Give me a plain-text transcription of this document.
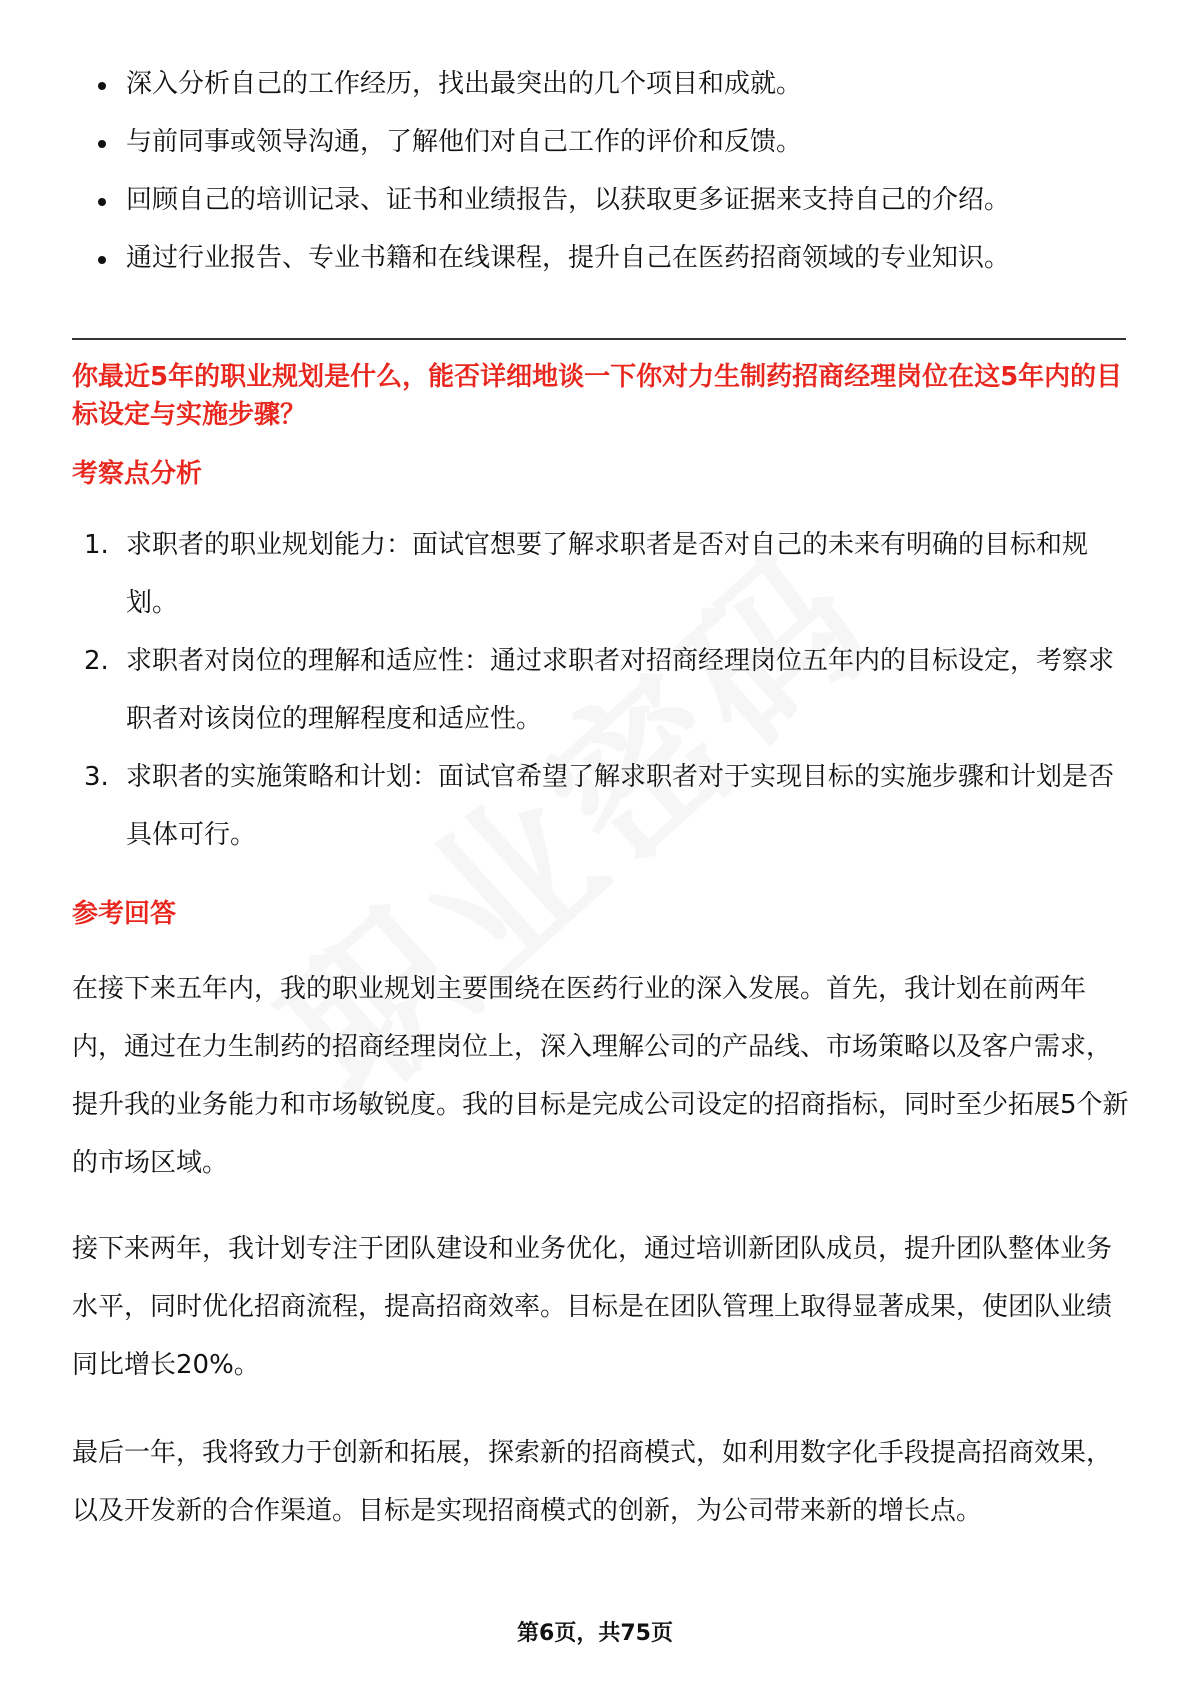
深入分析自己的工作经历，找出最突出的几个项目和成就。
与前同事或领导沟通，了解他们对自己工作的评价和反馈。
回顾自己的培训记录、证书和业绩报告，以获取更多证据来支持自己的介绍。
通过行业报告、专业书籍和在线课程，提升自己在医药招商领域的专业知识。
你最近5年的职业规划是什么，能否详细地谈一下你对力生制药招商经理岗位在这5年内的目标设定与实施步骤？
考察点分析
1. 求职者的职业规划能力：面试官想要了解求职者是否对自己的未来有明确的目标和规划。
2. 求职者对岗位的理解和适应性：通过求职者对招商经理岗位五年内的目标设定，考察求职者对该岗位的理解程度和适应性。
3. 求职者的实施策略和计划：面试官希望了解求职者对于实现目标的实施步骤和计划是否具体可行。
参考回答

在接下来五年内，我的职业规划主要围绕在医药行业的深入发展。首先，我计划在前两年内，通过在力生制药的招商经理岗位上，深入理解公司的产品线、市场策略以及客户需求，提升我的业务能力和市场敏锐度。我的目标是完成公司设定的招商指标，同时至少拓展5个新的市场区域。

接下来两年，我计划专注于团队建设和业务优化，通过培训新团队成员，提升团队整体业务水平，同时优化招商流程，提高招商效率。目标是在团队管理上取得显著成果，使团队业绩同比增长20%。

最后一年，我将致力于创新和拓展，探索新的招商模式，如利用数字化手段提高招商效果，以及开发新的合作渠道。目标是实现招商模式的创新，为公司带来新的增长点。

第6页，共75页
